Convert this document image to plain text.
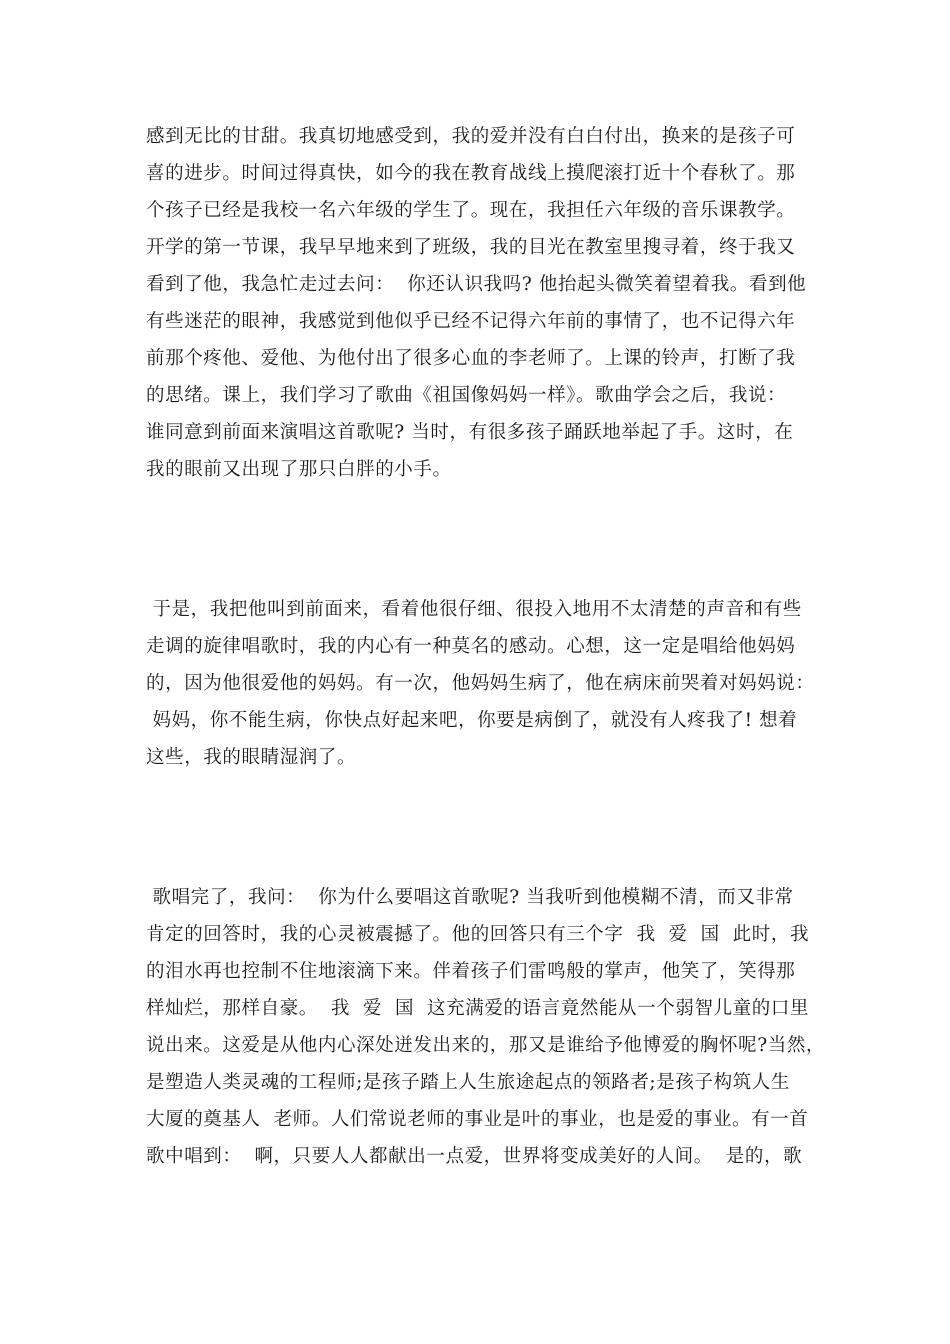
感到无比的甘甜。我真切地感受到，我的爱并没有白白付出，换来的是孩子可
喜的进步。时间过得真快，如今的我在教育战线上摸爬滚打近十个春秋了。那
个孩子已经是我校一名六年级的学生了。现在，我担任六年级的音乐课教学。
开学的第一节课，我早早地来到了班级，我的目光在教室里搜寻着，终于我又
看到了他，我急忙走过去问：  你还认识我吗? 他抬起头微笑着望着我。看到他
有些迷茫的眼神，我感觉到他似乎已经不记得六年前的事情了，也不记得六年
前那个疼他、爱他、为他付出了很多心血的李老师了。上课的铃声，打断了我
的思绪。课上，我们学习了歌曲《祖国像妈妈一样》。歌曲学会之后，我说：
谁同意到前面来演唱这首歌呢? 当时，有很多孩子踊跃地举起了手。这时，在
我的眼前又出现了那只白胖的小手。
于是，我把他叫到前面来，看着他很仔细、很投入地用不太清楚的声音和有些
走调的旋律唱歌时，我的内心有一种莫名的感动。心想，这一定是唱给他妈妈
的，因为他很爱他的妈妈。有一次，他妈妈生病了，他在病床前哭着对妈妈说：
妈妈，你不能生病，你快点好起来吧，你要是病倒了，就没有人疼我了! 想着
这些，我的眼睛湿润了。
歌唱完了，我问：  你为什么要唱这首歌呢? 当我听到他模糊不清，而又非常
肯定的回答时，我的心灵被震撼了。他的回答只有三个字  我  爱  国  此时，我
的泪水再也控制不住地滚滴下来。伴着孩子们雷鸣般的掌声，他笑了，笑得那
样灿烂，那样自豪。  我  爱  国  这充满爱的语言竟然能从一个弱智儿童的口里
说出来。这爱是从他内心深处迸发出来的，那又是谁给予他博爱的胸怀呢?当然，
是塑造人类灵魂的工程师;是孩子踏上人生旅途起点的领路者;是孩子构筑人生
大厦的奠基人  老师。人们常说老师的事业是叶的事业，也是爱的事业。有一首
歌中唱到：  啊，只要人人都献出一点爱，世界将变成美好的人间。  是的，歌
